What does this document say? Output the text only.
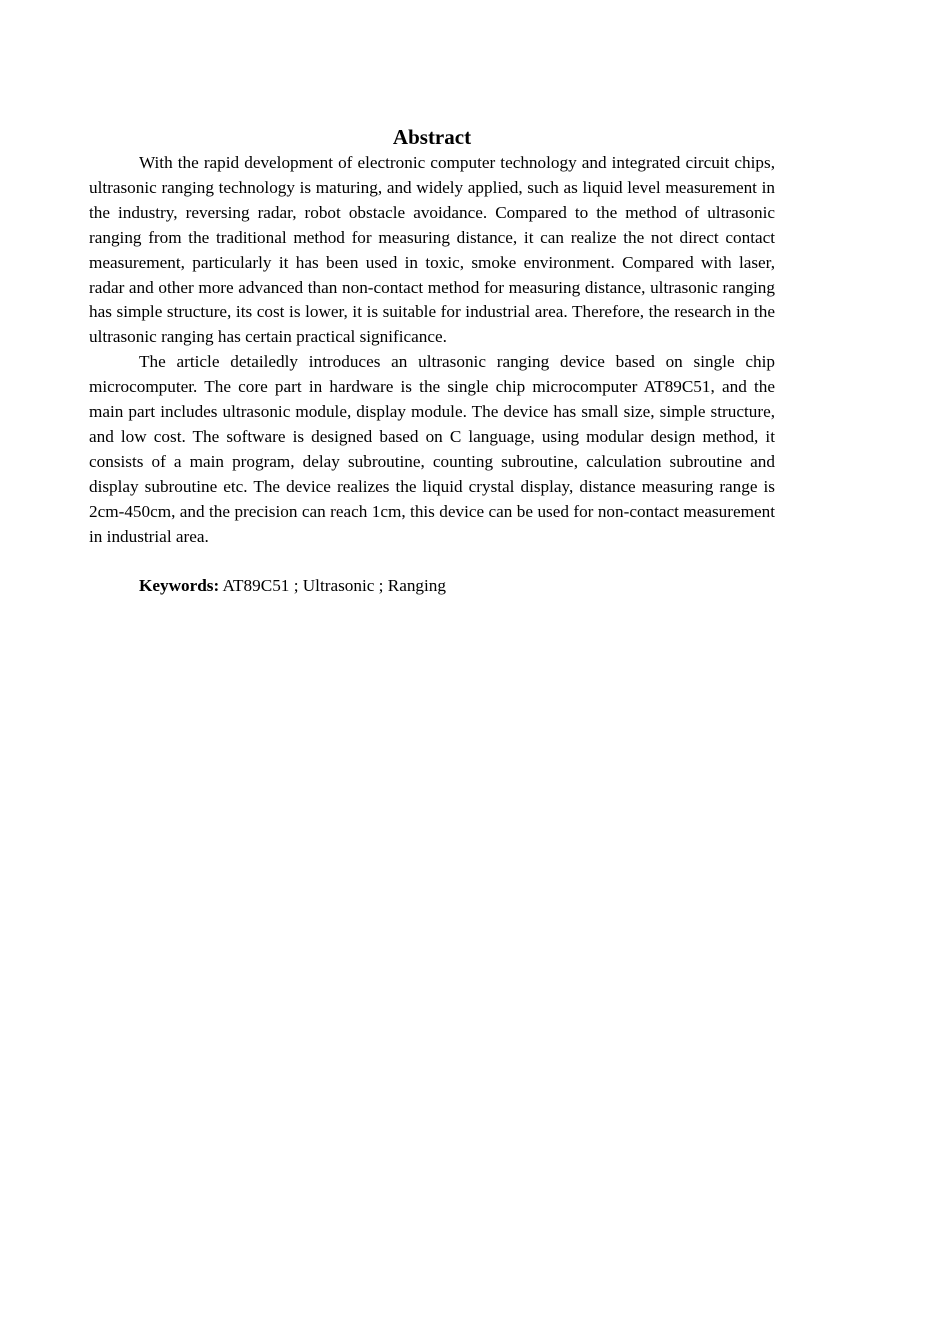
Abstract

With the rapid development of electronic computer technology and integrated circuit chips, ultrasonic ranging technology is maturing, and widely applied, such as liquid level measurement in the industry, reversing radar, robot obstacle avoidance. Compared to the method of ultrasonic ranging from the traditional method for measuring distance, it can realize the not direct contact measurement, particularly it has been used in toxic, smoke environment. Compared with laser, radar and other more advanced than non-contact method for measuring distance, ultrasonic ranging has simple structure, its cost is lower, it is suitable for industrial area. Therefore, the research in the ultrasonic ranging has certain practical significance.

The article detailedly introduces an ultrasonic ranging device based on single chip microcomputer. The core part in hardware is the single chip microcomputer AT89C51, and the main part includes ultrasonic module, display module. The device has small size, simple structure, and low cost. The software is designed based on C language, using modular design method, it consists of a main program, delay subroutine, counting subroutine, calculation subroutine and display subroutine etc. The device realizes the liquid crystal display, distance measuring range is 2cm-450cm, and the precision can reach 1cm, this device can be used for non-contact measurement in industrial area.

Keywords: AT89C51 ; Ultrasonic ; Ranging
